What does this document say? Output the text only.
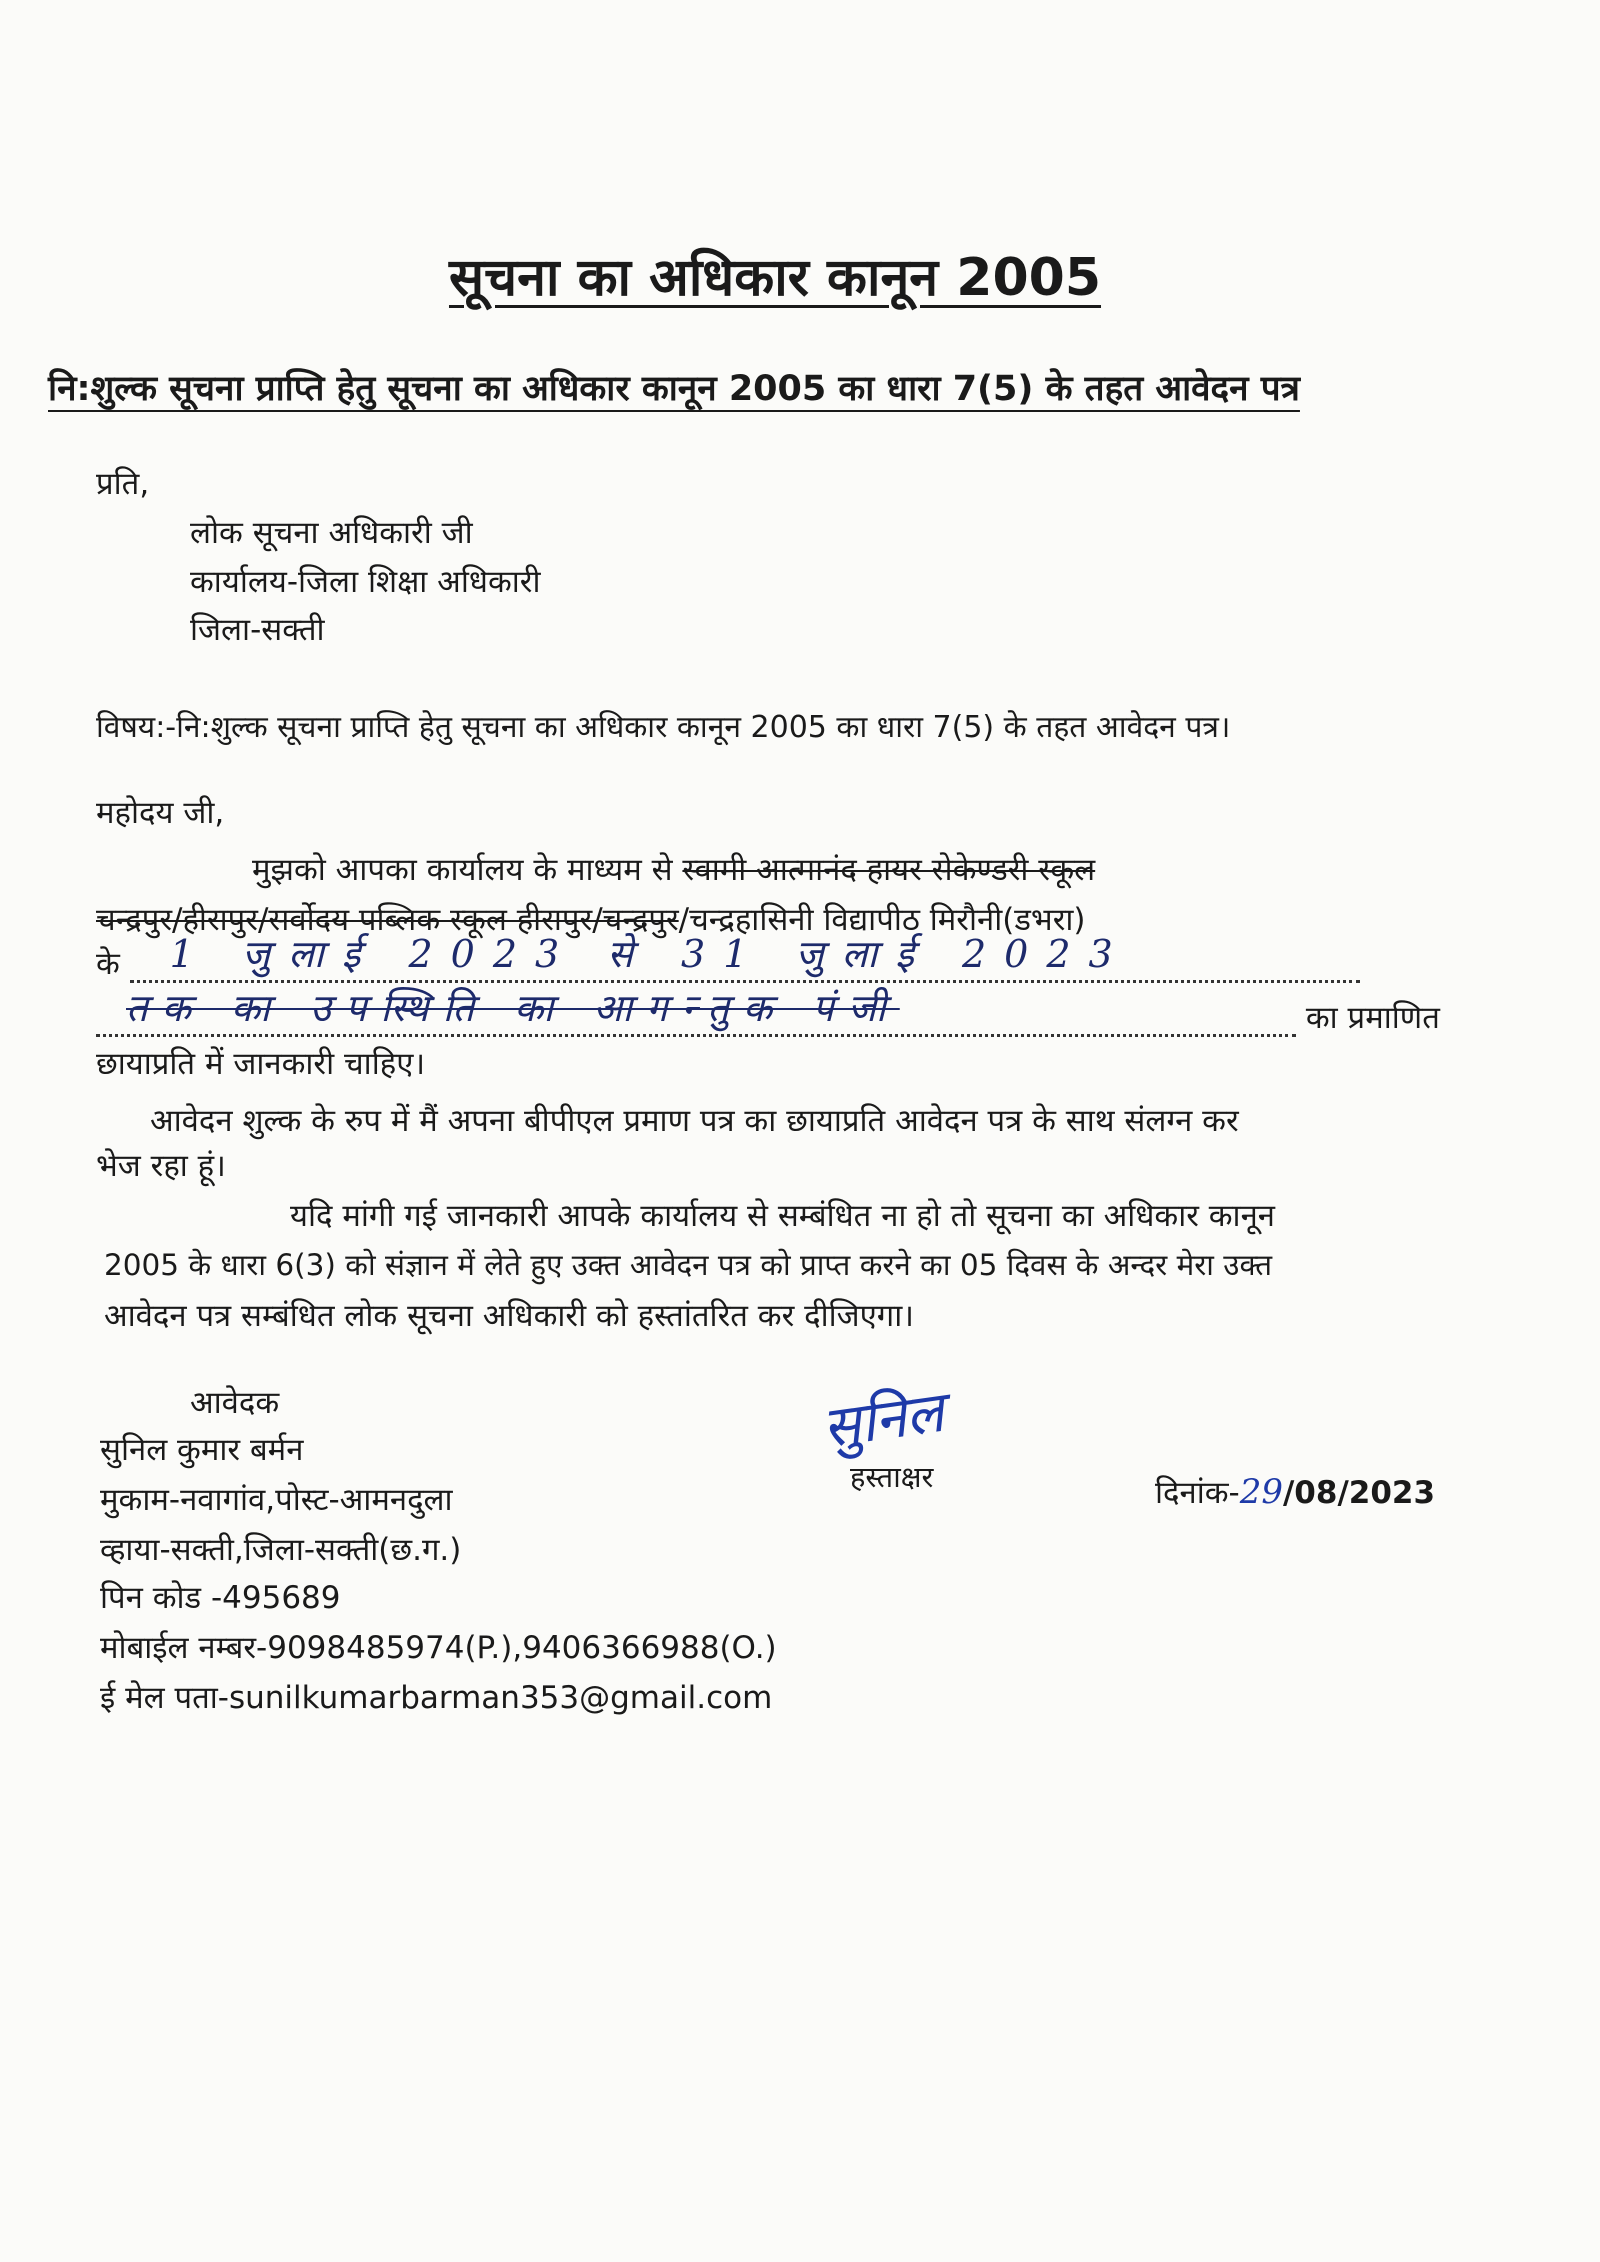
सूचना का अधिकार कानून 2005
नि:शुल्क सूचना प्राप्ति हेतु सूचना का अधिकार कानून 2005 का धारा 7(5) के तहत आवेदन पत्र
प्रति,
लोक सूचना अधिकारी जी
कार्यालय-जिला शिक्षा अधिकारी
जिला-सक्ती
विषय:-नि:शुल्क सूचना प्राप्ति हेतु सूचना का अधिकार कानून 2005 का धारा 7(5) के तहत आवेदन पत्र।
महोदय जी,
मुझको आपका कार्यालय के माध्यम से स्वामी आत्मानंद हायर सेकेण्डरी स्कूल
चन्द्रपुर/हीरापुर/सर्वोदय पब्लिक स्कूल हीरापुर/चन्द्रपुर/चन्द्रहासिनी विद्यापीठ मिरौनी(डभरा)
के 1 जुलाई 2023 से 31 जुलाई 2023
तक का उपस्थिति का आगन्तुक पंजी	का प्रमाणित
छायाप्रति में जानकारी चाहिए।
आवेदन शुल्क के रुप में मैं अपना बीपीएल प्रमाण पत्र का छायाप्रति आवेदन पत्र के साथ संलग्न कर
भेज रहा हूं।
यदि मांगी गई जानकारी आपके कार्यालय से सम्बंधित ना हो तो सूचना का अधिकार कानून
2005 के धारा 6(3) को संज्ञान में लेते हुए उक्त आवेदन पत्र को प्राप्त करने का 05 दिवस के अन्दर मेरा उक्त
आवेदन पत्र सम्बंधित लोक सूचना अधिकारी को हस्तांतरित कर दीजिएगा।
आवेदक
सुनिल कुमार बर्मन
मुकाम-नवागांव,पोस्ट-आमनदुला
व्हाया-सक्ती,जिला-सक्ती(छ.ग.)
पिन कोड -495689
मोबाईल नम्बर-9098485974(P.),9406366988(O.)
ई मेल पता-sunilkumarbarman353@gmail.com
सुनिल
हस्ताक्षर	दिनांक-29/08/2023
